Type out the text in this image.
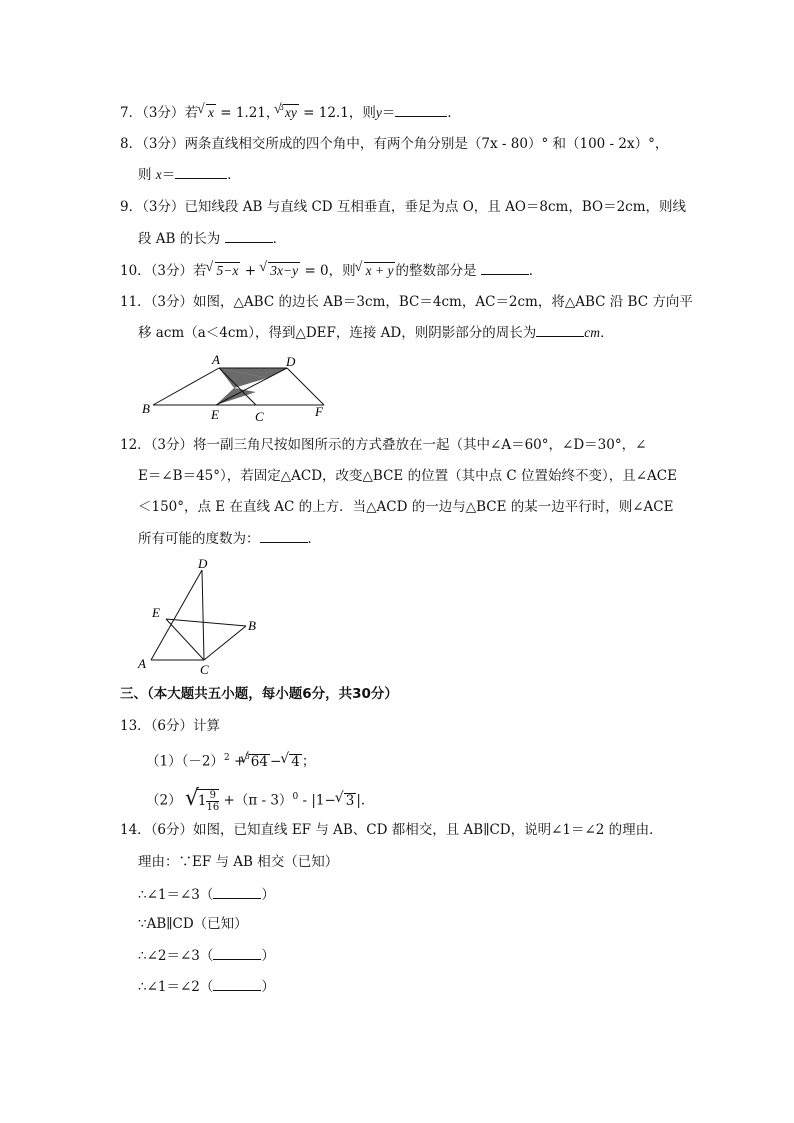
7．（3分）若√ x = 1.21，$^3$√ xy = 12.1，则y＝	．
8．（3分）两条直线相交所成的四个角中，有两个角分别是（7x - 80）° 和（100 - 2x）°，
则 x＝	．
9．（3分）已知线段 AB 与直线 CD 互相垂直，垂足为点 O，且 AO＝8cm，BO＝2cm，则线
段 AB 的长为	．
10．（3分）若√ 5−x + √ 3x−y = 0，则√ x + y 的整数部分是	．
11．（3分）如图，△ABC 的边长 AB＝3cm，BC＝4cm，AC＝2cm，将△ABC 沿 BC 方向平
移 acm（a＜4cm），得到△DEF，连接 AD，则阴影部分的周长为	cm．
A	D
B	E	C	F
12．（3分）将一副三角尺按如图所示的方式叠放在一起（其中∠A＝60°，∠D＝30°，∠
E＝∠B＝45°），若固定△ACD，改变△BCE 的位置（其中点 C 位置始终不变），且∠ACE
＜150°，点 E 在直线 AC 的上方．当△ACD 的一边与△BCE 的某一边平行时，则∠ACE
所有可能的度数为：	．
D
E
B
A	C
三、（本大题共五小题，每小题6分，共30分）
13．（6分）计算
$(1)(-2)^2 +^3√$ 64 −√ 4 ；
（2） √
$1 \frac{9}{16} +(\pi - 3)^0 - |1-√$ 3 |.
14．（6分）如图，已知直线 EF 与 AB、CD 都相交，且 AB∥CD，说明∠1＝∠2 的理由．
理由：∵EF 与 AB 相交（已知）
∴∠1＝∠3（	）
∵AB∥CD（已知）
∴∠2＝∠3（	）
∴∠1＝∠2（	）
